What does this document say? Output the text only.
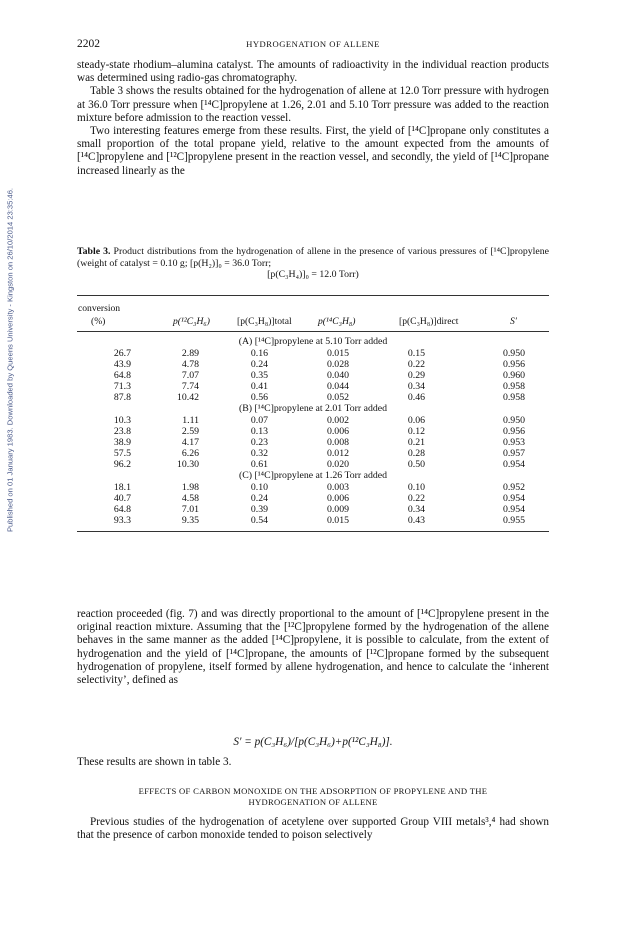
Published on 01 January 1983. Downloaded by Queens University - Kingston on 26/10/2014 23:35:46.
2202	HYDROGENATION OF ALLENE

steady-state rhodium–alumina catalyst. The amounts of radioactivity in the individual reaction products was determined using radio-gas chromatography.

Table 3 shows the results obtained for the hydrogenation of allene at 12.0 Torr pressure with hydrogen at 36.0 Torr pressure when [¹⁴C]propylene at 1.26, 2.01 and 5.10 Torr pressure was added to the reaction mixture before admission to the reaction vessel.

Two interesting features emerge from these results. First, the yield of [¹⁴C]propane only constitutes a small proportion of the total propane yield, relative to the amount expected from the amounts of [¹⁴C]propylene and [¹²C]propylene present in the reaction vessel, and secondly, the yield of [¹⁴C]propane increased linearly as the

Table 3. Product distributions from the hydrogenation of allene in the presence of various pressures of [¹⁴C]propylene (weight of catalyst = 0.10 g; [p(H₂)]₀ = 36.0 Torr;
[p(C₃H₄)]₀ = 12.0 Torr)
conversion
(%)	p(¹²C₃H₆)	[p(C₃H₈)]total	p(¹⁴C₃H₈)	[p(C₃H₈)]direct	S′
(A) [¹⁴C]propylene at 5.10 Torr added
26.7	2.89	0.16	0.015	0.15	0.950
43.9	4.78	0.24	0.028	0.22	0.956
64.8	7.07	0.35	0.040	0.29	0.960
71.3	7.74	0.41	0.044	0.34	0.958
87.8	10.42	0.56	0.052	0.46	0.958
(B) [¹⁴C]propylene at 2.01 Torr added
10.3	1.11	0.07	0.002	0.06	0.950
23.8	2.59	0.13	0.006	0.12	0.956
38.9	4.17	0.23	0.008	0.21	0.953
57.5	6.26	0.32	0.012	0.28	0.957
96.2	10.30	0.61	0.020	0.50	0.954
(C) [¹⁴C]propylene at 1.26 Torr added
18.1	1.98	0.10	0.003	0.10	0.952
40.7	4.58	0.24	0.006	0.22	0.954
64.8	7.01	0.39	0.009	0.34	0.954
93.3	9.35	0.54	0.015	0.43	0.955

reaction proceeded (fig. 7) and was directly proportional to the amount of [¹⁴C]propylene present in the original reaction mixture. Assuming that the [¹²C]propylene formed by the hydrogenation of the allene behaves in the same manner as the added [¹⁴C]propylene, it is possible to calculate, from the extent of hydrogenation and the yield of [¹⁴C]propane, the amounts of [¹²C]propane formed by the subsequent hydrogenation of propylene, itself formed by allene hydrogenation, and hence to calculate the ‘inherent selectivity’, defined as

S′ = p(C₃H₆)/[p(C₃H₆)+p(¹²C₃H₈)].

These results are shown in table 3.

EFFECTS OF CARBON MONOXIDE ON THE ADSORPTION OF PROPYLENE AND THE
HYDROGENATION OF ALLENE

Previous studies of the hydrogenation of acetylene over supported Group VIII metals³,⁴ had shown that the presence of carbon monoxide tended to poison selectively
